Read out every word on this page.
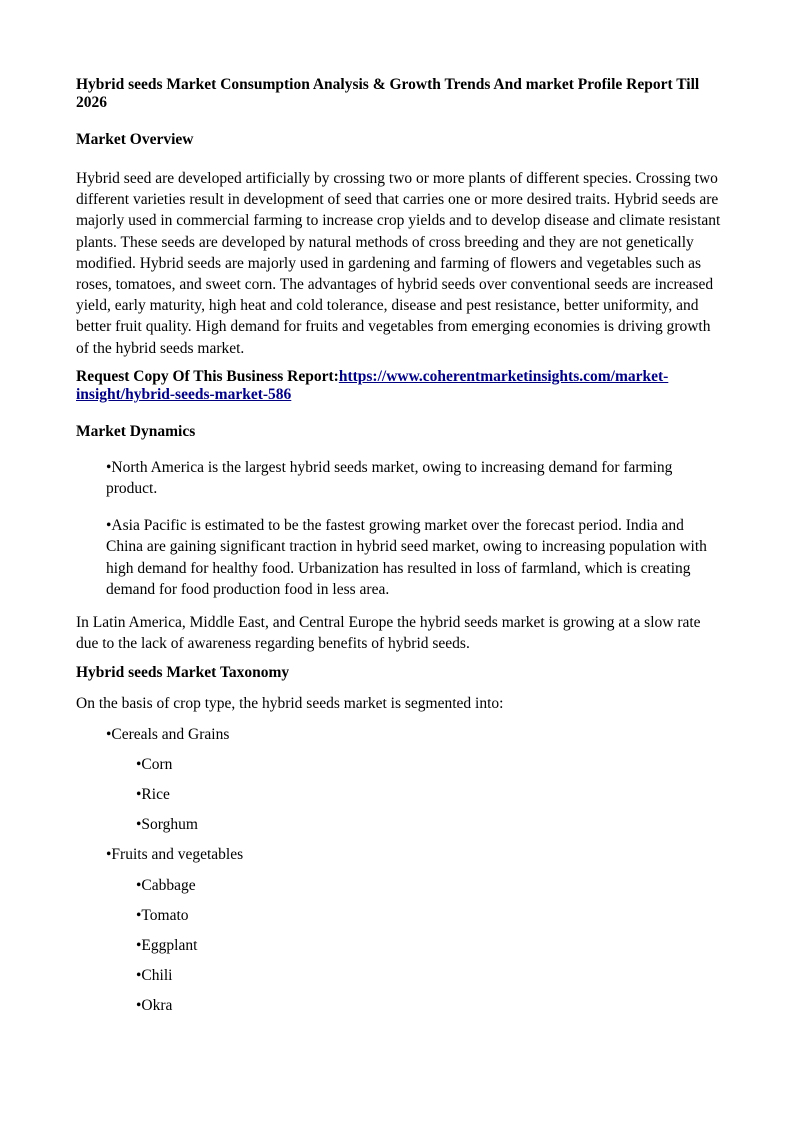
Hybrid seeds Market Consumption Analysis & Growth Trends And market Profile Report Till 2026

Market Overview

Hybrid seed are developed artificially by crossing two or more plants of different species. Crossing two different varieties result in development of seed that carries one or more desired traits. Hybrid seeds are majorly used in commercial farming to increase crop yields and to develop disease and climate resistant plants. These seeds are developed by natural methods of cross breeding and they are not genetically modified. Hybrid seeds are majorly used in gardening and farming of flowers and vegetables such as roses, tomatoes, and sweet corn. The advantages of hybrid seeds over conventional seeds are increased yield, early maturity, high heat and cold tolerance, disease and pest resistance, better uniformity, and better fruit quality. High demand for fruits and vegetables from emerging economies is driving growth of the hybrid seeds market.

Request Copy Of This Business Report:https://www.coherentmarketinsights.com/market-insight/hybrid-seeds-market-586

Market Dynamics

•North America is the largest hybrid seeds market, owing to increasing demand for farming product.

•Asia Pacific is estimated to be the fastest growing market over the forecast period. India and China are gaining significant traction in hybrid seed market, owing to increasing population with high demand for healthy food. Urbanization has resulted in loss of farmland, which is creating demand for food production food in less area.

In Latin America, Middle East, and Central Europe the hybrid seeds market is growing at a slow rate due to the lack of awareness regarding benefits of hybrid seeds.

Hybrid seeds Market Taxonomy

On the basis of crop type, the hybrid seeds market is segmented into:

•Cereals and Grains

•Corn

•Rice

•Sorghum

•Fruits and vegetables

•Cabbage

•Tomato

•Eggplant

•Chili

•Okra
